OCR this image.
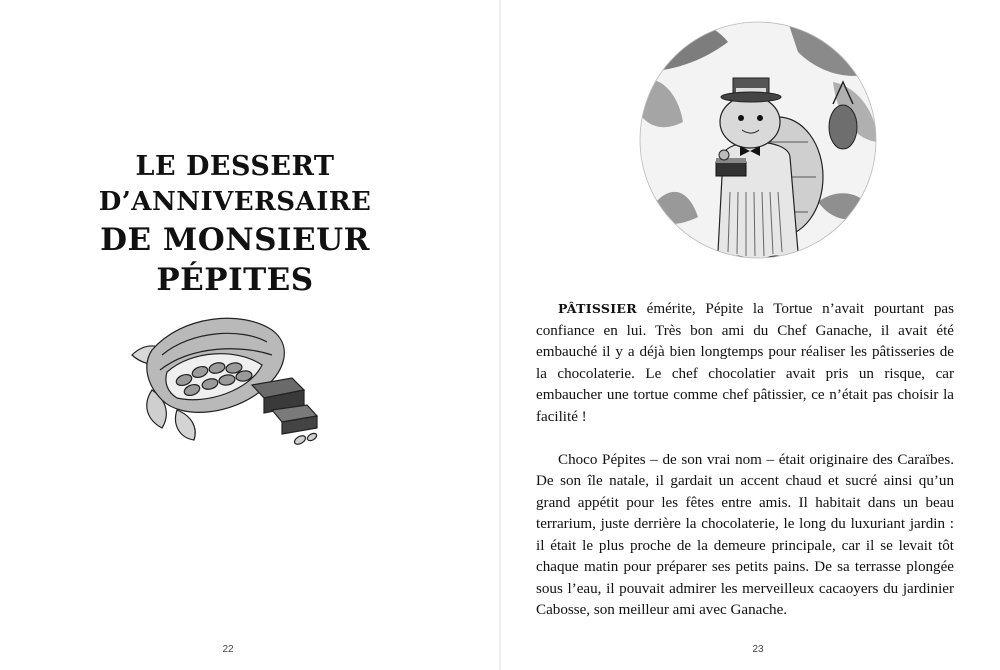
LE DESSERT
D’ANNIVERSAIRE
DE MONSIEUR PÉPITES
22

PÂTISSIER émérite, Pépite la Tortue n’avait pourtant pas confiance en lui. Très bon ami du Chef Ganache, il avait été embauché il y a déjà bien longtemps pour réaliser les pâtisseries de la chocolaterie. Le chef chocolatier avait pris un risque, car embaucher une tortue comme chef pâtissier, ce n’était pas choisir la facilité !

Choco Pépites – de son vrai nom – était originaire des Caraïbes. De son île natale, il gardait un accent chaud et sucré ainsi qu’un grand appétit pour les fêtes entre amis. Il habitait dans un beau terrarium, juste derrière la chocolaterie, le long du luxuriant jardin : il était le plus proche de la demeure principale, car il se levait tôt chaque matin pour préparer ses petits pains. De sa terrasse plongée sous l’eau, il pouvait admirer les merveilleux cacaoyers du jardinier Cabosse, son meilleur ami avec Ganache.

23
